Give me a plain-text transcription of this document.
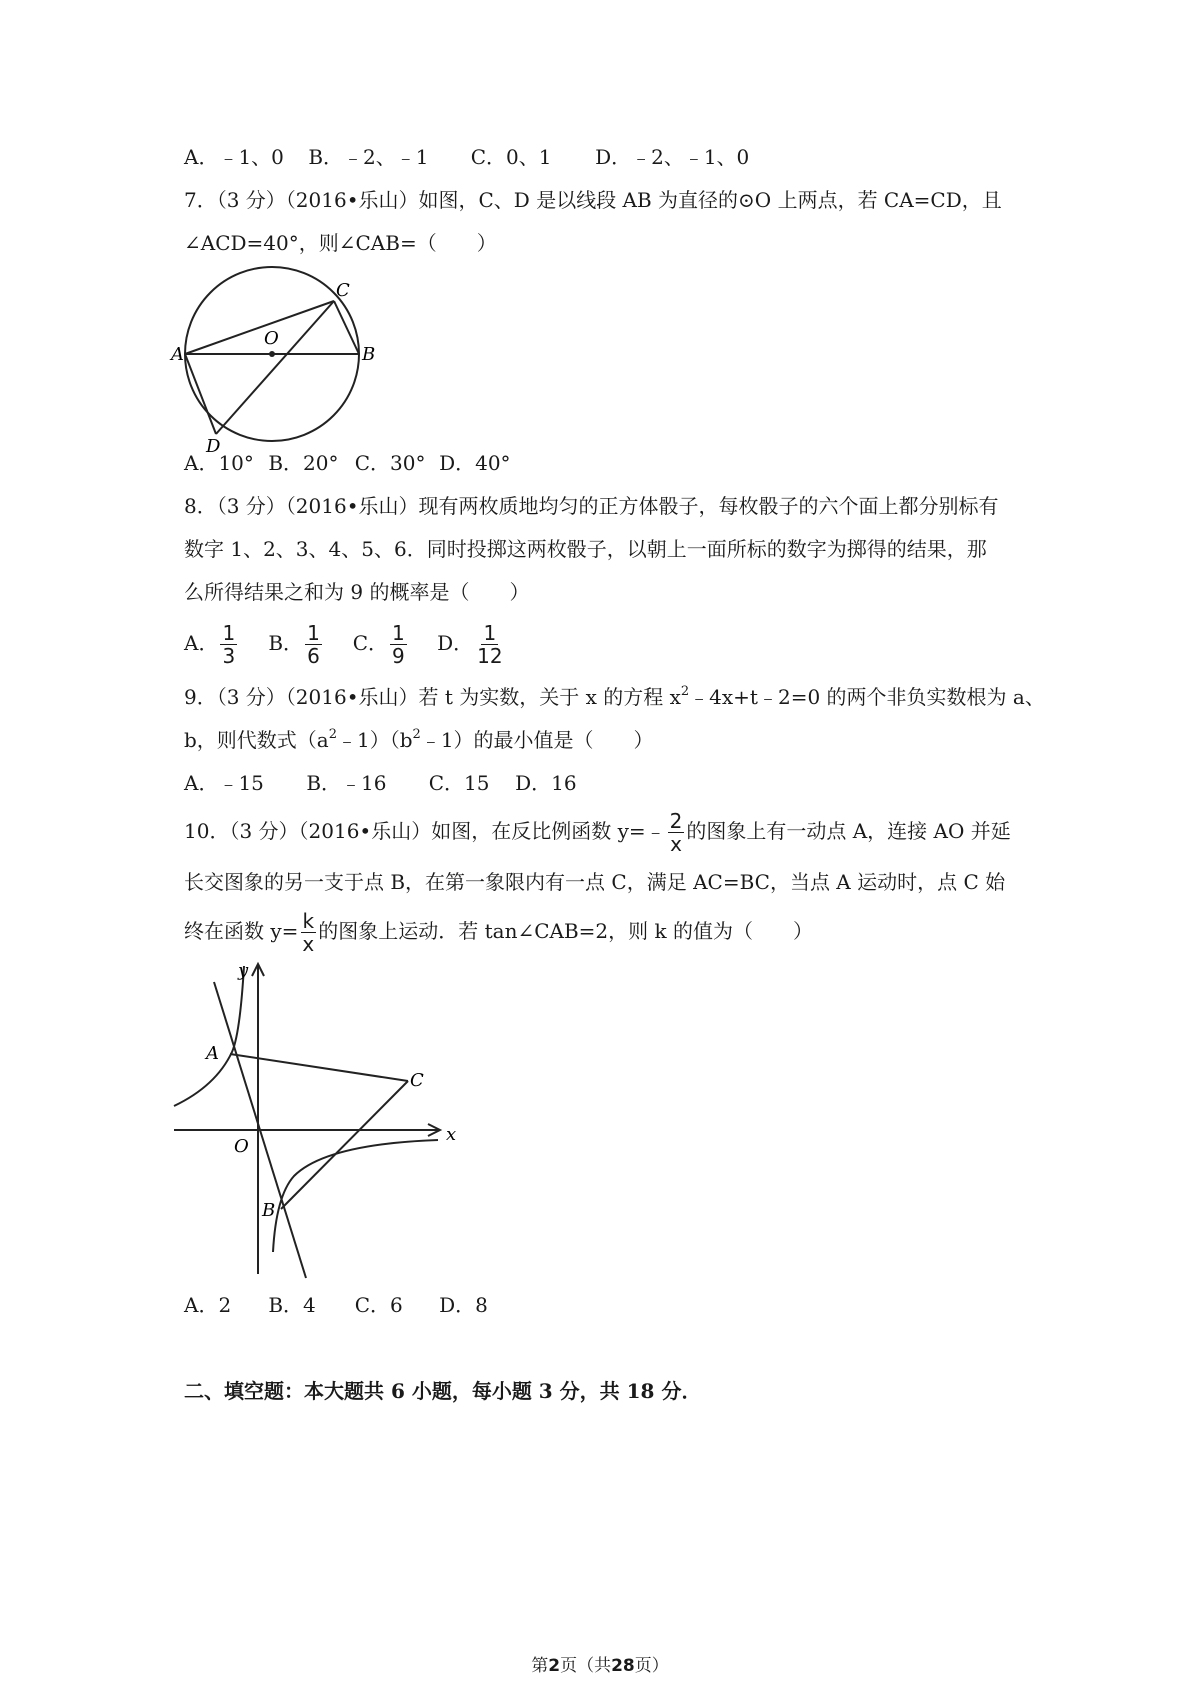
A．﹣1、0 B．﹣2、﹣1 C．0、1 D．﹣2、﹣1、0
7．（3 分）（2016•乐山）如图，C、D 是以线段 AB 为直径的⊙O 上两点，若 CA=CD，且
∠ACD=40°，则∠CAB=（　　）
A	B
C
D
O
A．10° B．20° C．30° D．40°
8．（3 分）（2016•乐山）现有两枚质地均匀的正方体骰子，每枚骰子的六个面上都分别标有
数字 1、2、3、4、5、6．同时投掷这两枚骰子，以朝上一面所标的数字为掷得的结果，那
么所得结果之和为 9 的概率是（　　）
A． $\frac{1}{3}$ B． $\frac{1}{6}$ C． $\frac{1}{9}$ D． $\frac{1}{12}$
9．（3 分）（2016•乐山）若 t 为实数，关于 x 的方程 $x^2﹣4x+t﹣2=0$ 的两个非负实数根为 a、
b，则代数式$(a^2﹣1)(b^2﹣1)$的最小值是（　　）
A．﹣15 B．﹣16 C．15 D．16
10．（3 分）（2016•乐山）如图，在反比例函数 y=﹣ $\frac{2}{x}$ 的图象上有一动点 A，连接 AO 并延
长交图象的另一支于点 B，在第一象限内有一点 C，满足 AC=BC，当点 A 运动时，点 C 始
终在函数 $y= \frac{k}{x}$ 的图象上运动．若 tan∠CAB=2，则 k 的值为（　　）
y
x
A
B
C
O
A．2 B．4 C．6 D．8
二、填空题：本大题共 6 小题，每小题 3 分，共 18 分．
第2页（共28页）
